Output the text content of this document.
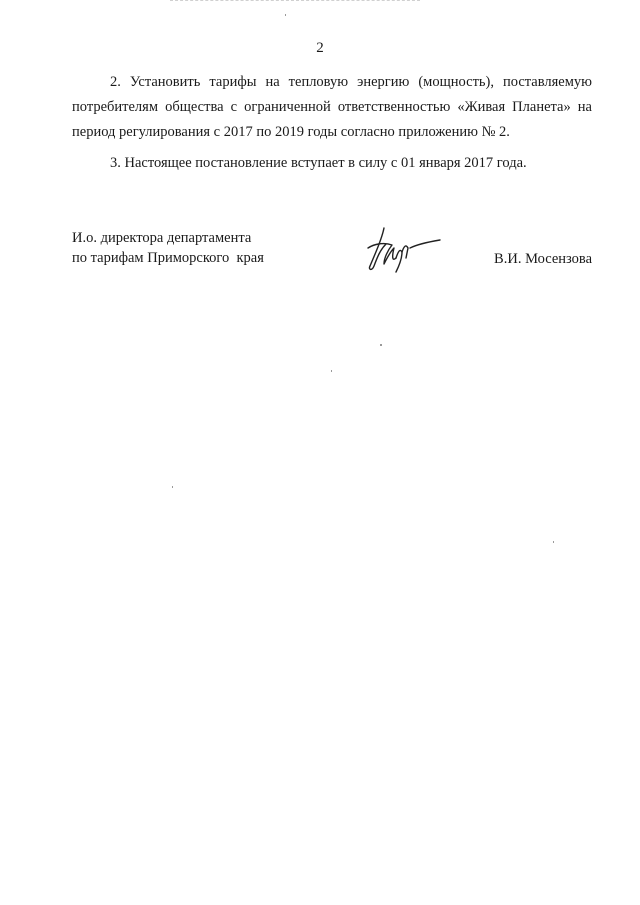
2
2. Установить тарифы на тепловую энергию (мощность), поставляемую
потребителям общества с ограниченной ответственностью «Живая Планета» на
период регулирования с 2017 по 2019 годы согласно приложению № 2.
3. Настоящее постановление вступает в силу с 01 января 2017 года.
И.о. директора департамента
по тарифам Приморского  края	В.И. Мосензова
